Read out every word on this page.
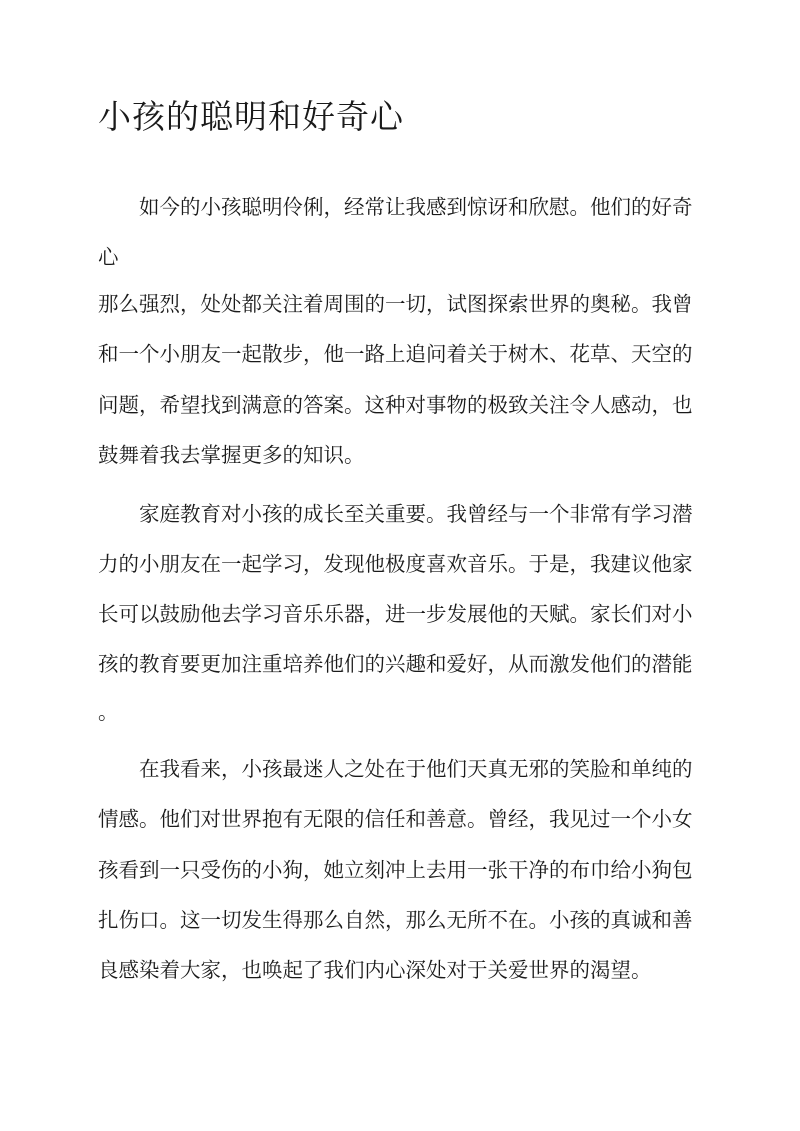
小孩的聪明和好奇心

　　如今的小孩聪明伶俐，经常让我感到惊讶和欣慰。他们的好奇

心

那么强烈，处处都关注着周围的一切，试图探索世界的奥秘。我曾

和一个小朋友一起散步，他一路上追问着关于树木、花草、天空的

问题，希望找到满意的答案。这种对事物的极致关注令人感动，也

鼓舞着我去掌握更多的知识。

　　家庭教育对小孩的成长至关重要。我曾经与一个非常有学习潜

力的小朋友在一起学习，发现他极度喜欢音乐。于是，我建议他家

长可以鼓励他去学习音乐乐器，进一步发展他的天赋。家长们对小

孩的教育要更加注重培养他们的兴趣和爱好，从而激发他们的潜能

。

　　在我看来，小孩最迷人之处在于他们天真无邪的笑脸和单纯的

情感。他们对世界抱有无限的信任和善意。曾经，我见过一个小女

孩看到一只受伤的小狗，她立刻冲上去用一张干净的布巾给小狗包

扎伤口。这一切发生得那么自然，那么无所不在。小孩的真诚和善

良感染着大家，也唤起了我们内心深处对于关爱世界的渴望。
